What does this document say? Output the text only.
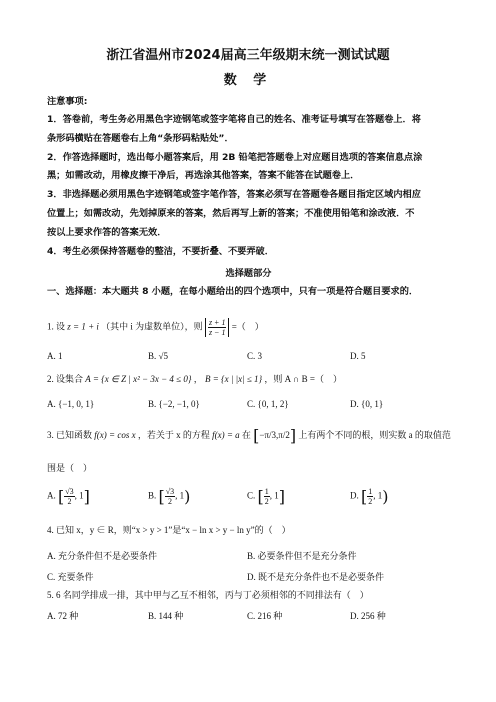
浙江省温州市2024届高三年级期末统一测试试题
数 学
注意事项:
1．答卷前，考生务必用黑色字迹钢笔或签字笔将自己的姓名、准考证号填写在答题卷上．将
条形码横贴在答题卷右上角“条形码粘贴处”．
2．作答选择题时，选出每小题答案后，用 2B 铅笔把答题卷上对应题目选项的答案信息点涂
黑；如需改动，用橡皮擦干净后，再选涂其他答案，答案不能答在试题卷上．
3．非选择题必须用黑色字迹钢笔或签字笔作答，答案必须写在答题卷各题目指定区域内相应
位置上；如需改动，先划掉原来的答案，然后再写上新的答案；不准使用铅笔和涂改液．不
按以上要求作答的答案无效．
4．考生必须保持答题卷的整洁，不要折叠、不要弄破．
选择题部分
一、选择题：本大题共 8 小题，在每小题给出的四个选项中，只有一项是符合题目要求的．
1. 设 z = 1 + i （其中 i 为虚数单位），则 $\frac{z + 1}{z - 1}$ =（　）
A. 1	B. √5	C. 3	D. 5
2. 设集合 A = {x ∈ Z | x² − 3x − 4 ≤ 0} ， B = {x | |x| ≤ 1} ，则 A ∩ B =（　）
A. {−1, 0, 1}	B. {−2, −1, 0}	C. {0, 1, 2}	D. {0, 1}
3. 已知函数 f(x) = cos x ，若关于 x 的方程 f(x) = a 在 [−π/3,π/2] 上有两个不同的根，则实数 a 的取值范
围是（　）
A. [ $\frac{√3}{2}$ , 1]	B. [ $\frac{√3}{2}$ , 1)	C. [ $\frac{1}{2}$ , 1]	D. [ $\frac{1}{2}$ , 1)
4. 已知 x，y ∈ R，则“x > y > 1”是“x − ln x > y − ln y”的（　）
A. 充分条件但不是必要条件	B. 必要条件但不是充分条件
C. 充要条件	D. 既不是充分条件也不是必要条件
5. 6 名同学排成一排，其中甲与乙互不相邻，丙与丁必须相邻的不同排法有（　）
A. 72 种	B. 144 种	C. 216 种	D. 256 种
